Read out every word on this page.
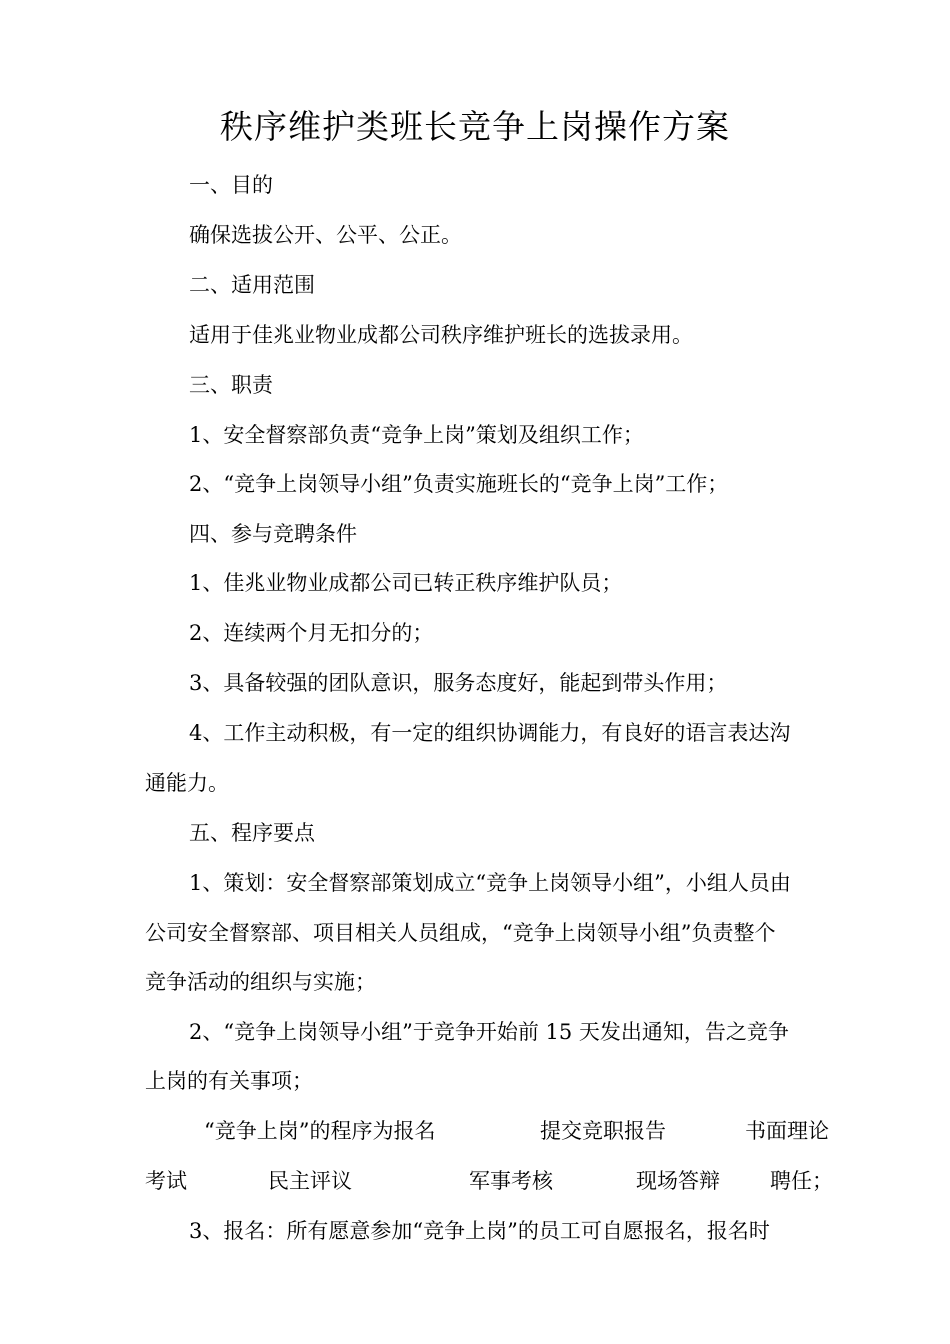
秩序维护类班长竞争上岗操作方案

一、目的

确保选拔公开、公平、公正。

二、适用范围

适用于佳兆业物业成都公司秩序维护班长的选拔录用。

三、职责

1、安全督察部负责“竞争上岗”策划及组织工作；

2、“竞争上岗领导小组”负责实施班长的“竞争上岗”工作；

四、参与竞聘条件

1、佳兆业物业成都公司已转正秩序维护队员；

2、连续两个月无扣分的；

3、具备较强的团队意识，服务态度好，能起到带头作用；

4、工作主动积极，有一定的组织协调能力，有良好的语言表达沟

通能力。

五、程序要点

1、策划：安全督察部策划成立“竞争上岗领导小组”，小组人员由

公司安全督察部、项目相关人员组成，“竞争上岗领导小组”负责整个

竞争活动的组织与实施；

2、“竞争上岗领导小组”于竞争开始前 15 天发出通知，告之竞争

上岗的有关事项；

“竞争上岗”的程序为报名	提交竞职报告	书面理论
考试	民主评议	军事考核	现场答辩 聘任；

3、报名：所有愿意参加“竞争上岗”的员工可自愿报名，报名时
